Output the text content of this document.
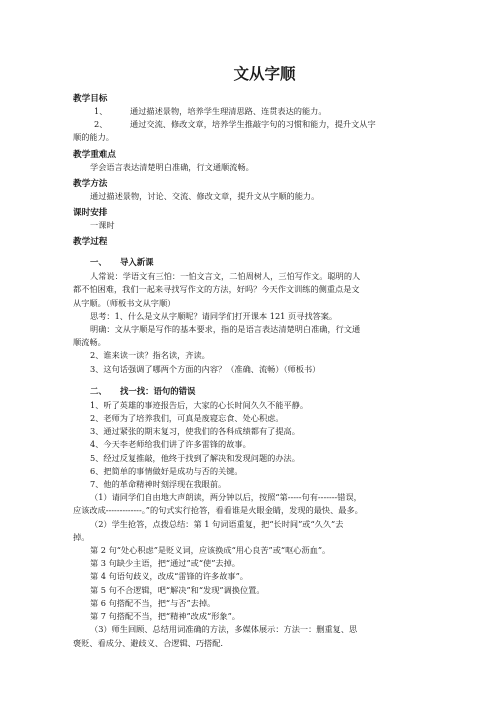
文从字顺
教学目标

1、	通过描述景物，培养学生理清思路、连贯表达的能力。

2、	通过交流、修改文章，培养学生推敲字句的习惯和能力，提升文从字

顺的能力。

教学重难点

学会语言表达清楚明白准确，行文通顺流畅。

教学方法

通过描述景物，讨论、交流、修改文章，提升文从字顺的能力。

课时安排

一课时

教学过程
一、 导入新课

人常说：学语文有三怕：一怕文言文，二怕周树人，三怕写作文。聪明的人

都不怕困难，我们一起来寻找写作文的方法，好吗？今天作文训练的侧重点是文

从字顺。（师板书文从字顺）

思考：1、什么是文从字顺呢？请同学们打开课本 121 页寻找答案。

明确：文从字顺是写作的基本要求，指的是语言表达清楚明白准确，行文通

顺流畅。

2、谁来读一读？指名读，齐读。

3、这句话强调了哪两个方面的内容？（准确、流畅）（师板书）

二、 找一找：语句的错误

1、听了英雄的事迹报告后，大家的心长时间久久不能平静。

2、老师为了培养我们，可真是废寝忘食、处心积虑。

3、通过紧张的期末复习，使我们的各科成绩都有了提高。

4、今天李老师给我们讲了许多雷锋的故事。

5、经过反复推敲，他终于找到了解决和发现问题的办法。

6、把简单的事情做好是成功与否的关键。

7、他的革命精神时刻浮现在我眼前。

（1）请同学们自由地大声朗读，两分钟以后，按照“第-----句有-------错误，

应该改成-------------。”的句式实行抢答，看看谁是火眼金睛，发现的最快、最多。

（2）学生抢答，点拨总结：第 1 句词语重复，把“长时间”或“久久”去

掉。

第 2 句“处心积虑”是贬义词，应该换成“用心良苦”或“呕心沥血”。

第 3 句缺少主语，把“通过”或“使”去掉。

第 4 句语句歧义，改成“雷锋的许多故事”。

第 5 句不合逻辑，吧“解决”和“发现”调换位置。

第 6 句搭配不当，把“与否”去掉。

第 7 句搭配不当，把“精神”改成“形象”。

（3）师生回顾、总结用词准确的方法，多媒体展示：方法一：删重复、思

褒贬、看成分、避歧义、合逻辑、巧搭配.
